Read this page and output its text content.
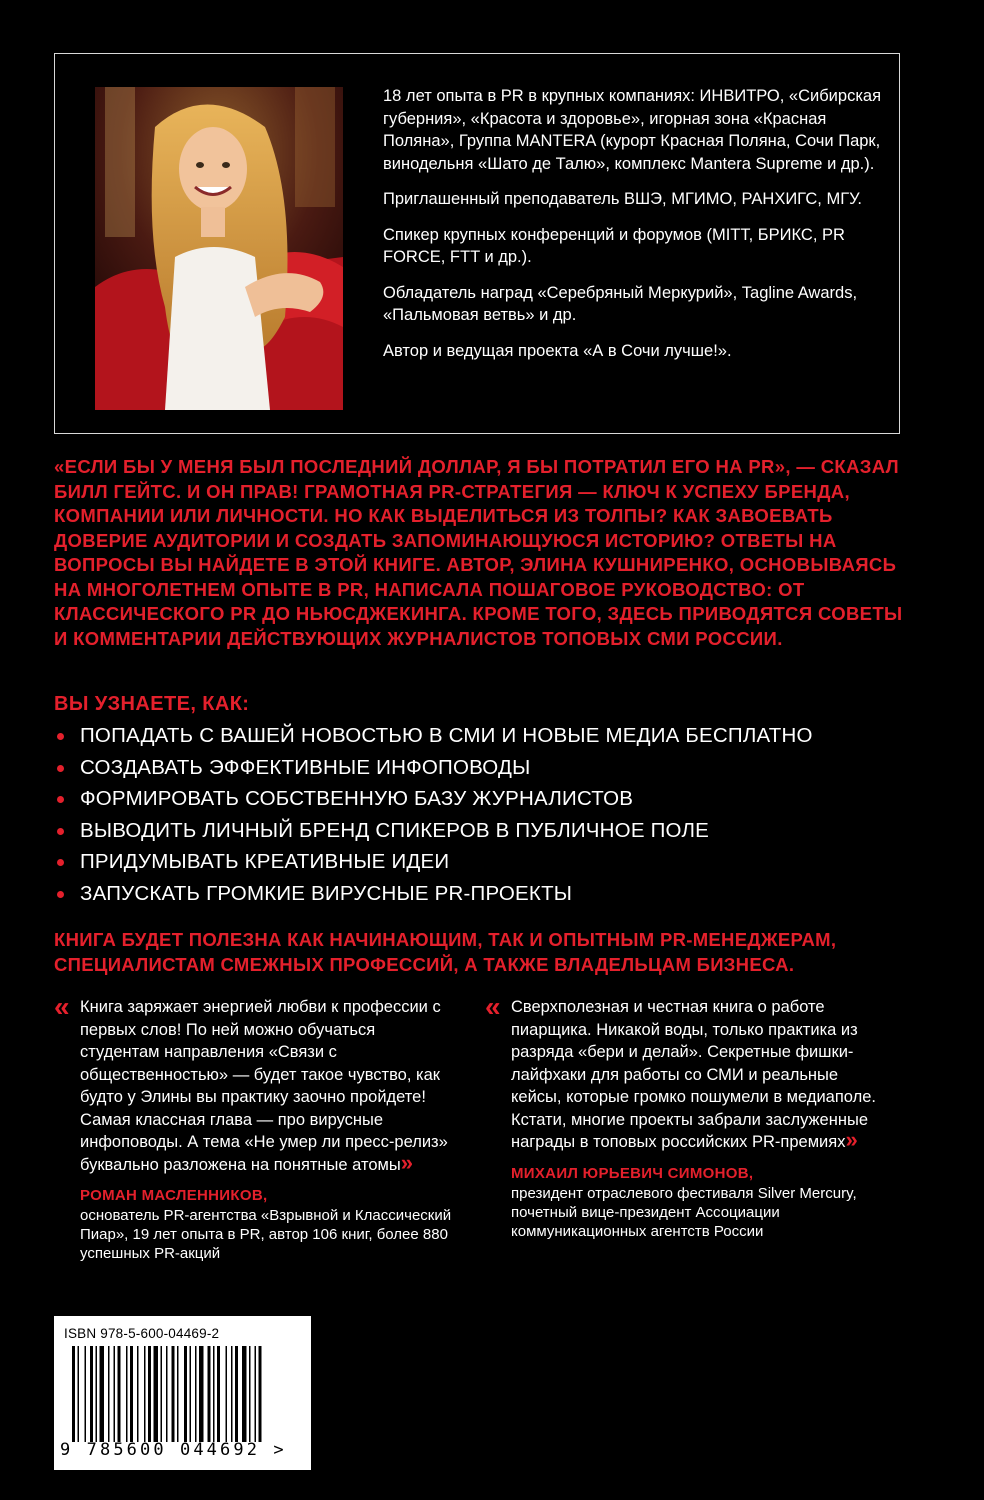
18 лет опыта в PR в крупных компаниях: ИНВИТРО, «Сибирская губерния», «Красота и здоровье», игорная зона «Красная Поляна», Группа MANTERA (курорт Красная Поляна, Сочи Парк, винодельня «Шато де Талю», комплекс Mantera Supreme и др.).

Приглашенный преподаватель ВШЭ, МГИМО, РАНХИГС, МГУ.

Спикер крупных конференций и форумов (MITT, БРИКС, PR FORCE, FTT и др.).

Обладатель наград «Серебряный Меркурий», Tagline Awards, «Пальмовая ветвь» и др.

Автор и ведущая проекта «А в Сочи лучше!».

«ЕСЛИ БЫ У МЕНЯ БЫЛ ПОСЛЕДНИЙ ДОЛЛАР, Я БЫ ПОТРАТИЛ ЕГО НА PR», — СКАЗАЛ БИЛЛ ГЕЙТС. И ОН ПРАВ! ГРАМОТНАЯ PR-СТРАТЕГИЯ — КЛЮЧ К УСПЕХУ БРЕНДА, КОМПАНИИ ИЛИ ЛИЧНОСТИ. НО КАК ВЫДЕЛИТЬСЯ ИЗ ТОЛПЫ? КАК ЗАВОЕВАТЬ ДОВЕРИЕ АУДИТОРИИ И СОЗДАТЬ ЗАПОМИНАЮЩУЮСЯ ИСТОРИЮ? ОТВЕТЫ НА ВОПРОСЫ ВЫ НАЙДЕТЕ В ЭТОЙ КНИГЕ. АВТОР, ЭЛИНА КУШНИРЕНКО, ОСНОВЫВАЯСЬ НА МНОГОЛЕТНЕМ ОПЫТЕ В PR, НАПИСАЛА ПОШАГОВОЕ РУКОВОДСТВО: ОТ КЛАССИЧЕСКОГО PR ДО НЬЮСДЖЕКИНГА. КРОМЕ ТОГО, ЗДЕСЬ ПРИВОДЯТСЯ СОВЕТЫ И КОММЕНТАРИИ ДЕЙСТВУЮЩИХ ЖУРНАЛИСТОВ ТОПОВЫХ СМИ РОССИИ.

ВЫ УЗНАЕТЕ, КАК:
ПОПАДАТЬ С ВАШЕЙ НОВОСТЬЮ В СМИ И НОВЫЕ МЕДИА БЕСПЛАТНО
СОЗДАВАТЬ ЭФФЕКТИВНЫЕ ИНФОПОВОДЫ
ФОРМИРОВАТЬ СОБСТВЕННУЮ БАЗУ ЖУРНАЛИСТОВ
ВЫВОДИТЬ ЛИЧНЫЙ БРЕНД СПИКЕРОВ В ПУБЛИЧНОЕ ПОЛЕ
ПРИДУМЫВАТЬ КРЕАТИВНЫЕ ИДЕИ
ЗАПУСКАТЬ ГРОМКИЕ ВИРУСНЫЕ PR-ПРОЕКТЫ

КНИГА БУДЕТ ПОЛЕЗНА КАК НАЧИНАЮЩИМ, ТАК И ОПЫТНЫМ PR-МЕНЕДЖЕРАМ, СПЕЦИАЛИСТАМ СМЕЖНЫХ ПРОФЕССИЙ, А ТАКЖЕ ВЛАДЕЛЬЦАМ БИЗНЕСА.

« Книга заряжает энергией любви к профессии с первых слов! По ней можно обучаться студентам направления «Связи с общественностью» — будет такое чувство, как будто у Элины вы практику заочно пройдете! Самая классная глава — про вирусные инфоповоды. А тема «Не умер ли пресс-релиз» буквально разложена на понятные атомы»

РОМАН МАСЛЕННИКОВ,
основатель PR-агентства «Взрывной и Классический Пиар», 19 лет опыта в PR, автор 106 книг, более 880 успешных PR-акций

« Сверхполезная и честная книга о работе пиарщика. Никакой воды, только практика из разряда «бери и делай». Секретные фишки-лайфхаки для работы со СМИ и реальные кейсы, которые громко пошумели в медиаполе. Кстати, многие проекты забрали заслуженные награды в топовых российских PR-премиях»

МИХАИЛ ЮРЬЕВИЧ СИМОНОВ,
президент отраслевого фестиваля Silver Mercury, почетный вице-президент Ассоциации коммуникационных агентств России
ISBN 978-5-600-04469-2
9 785600 044692 >
